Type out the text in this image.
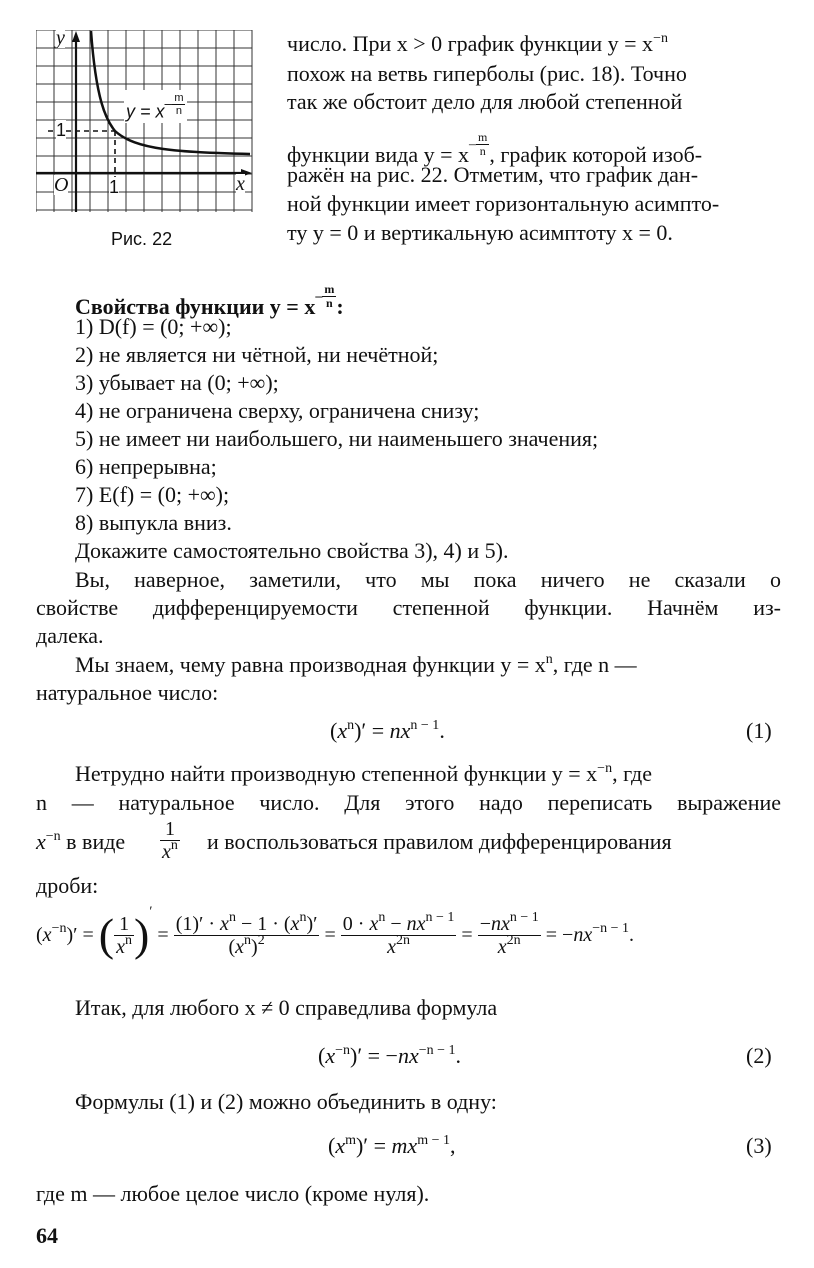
y
x
O 1
1
$y = x^{- \frac{m}{n}}$
Рис. 22
число. При x > 0 график функции $y = x^{-n}$
похож на ветвь гиперболы (рис. 18). Точно
так же обстоит дело для любой степенной
функции вида $y = x^{- \frac{m}{n}}$ , график которой изоб-
ражён на рис. 22. Отметим, что график дан-
ной функции имеет горизонтальную асимпто-
ту y = 0 и вертикальную асимптоту x = 0.
Свойства функции $y = x^{- \frac{m}{n}}$ :
1) D(f) = (0; +∞);
2) не является ни чётной, ни нечётной;
3) убывает на (0; +∞);
4) не ограничена сверху, ограничена снизу;
5) не имеет ни наибольшего, ни наименьшего значения;
6) непрерывна;
7) E(f) = (0; +∞);
8) выпукла вниз.
Докажите самостоятельно свойства 3), 4) и 5).
Вы, наверное, заметили, что мы пока ничего не сказали о
свойстве дифференцируемости степенной функции. Начнём из-
далека.
Мы знаем, чему равна производная функции $y = x^n$, где n —
натуральное число:
$(x^n)' = nx^{n - 1}$.	(1)
Нетрудно найти производную степенной функции $y = x^{-n}$, где
n — натуральное число. Для этого надо переписать выражение
$x^{-n}$ в виде $\frac{1}{x^n}$ и воспользоваться правилом дифференцирования
дроби:
$(x^{-n})'$ = ( $\frac{1}{x^n} )' = \frac{(1)' \cdot x^n - 1 \cdot (x^n)'}{(x^n)^2} = \frac{0 \cdot x^n - nx^{n - 1}}{x^{2n}} = \frac{-nx^{n - 1}}{x^{2n}} = -nx^{-n - 1}$.
Итак, для любого x ≠ 0 справедлива формула
$(x^{-n})' = -nx^{-n - 1}$.	(2)
Формулы (1) и (2) можно объединить в одну:
$(x^m)' = mx^{m - 1}$,	(3)
где m — любое целое число (кроме нуля).
64
